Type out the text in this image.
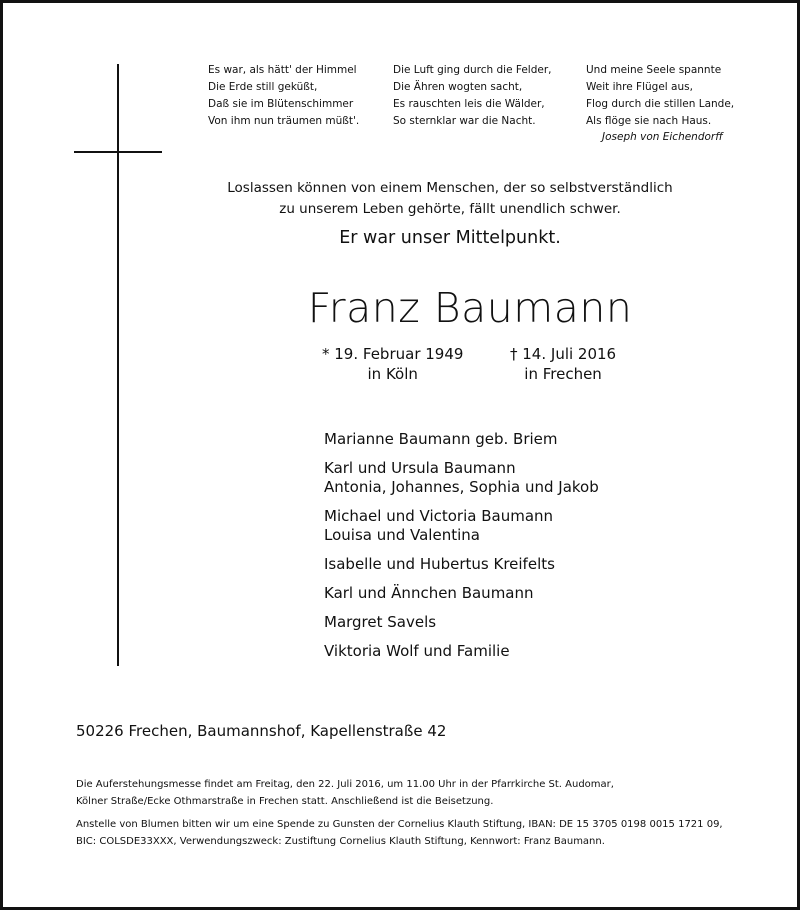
Es war, als hätt' der Himmel
Die Erde still geküßt,
Daß sie im Blütenschimmer
Von ihm nun träumen müßt'.
Die Luft ging durch die Felder,
Die Ähren wogten sacht,
Es rauschten leis die Wälder,
So sternklar war die Nacht.
Und meine Seele spannte
Weit ihre Flügel aus,
Flog durch die stillen Lande,
Als flöge sie nach Haus.
Joseph von Eichendorff
Loslassen können von einem Menschen, der so selbstverständlich
zu unserem Leben gehörte, fällt unendlich schwer.
Er war unser Mittelpunkt.
Franz Baumann
* 19. Februar 1949
in Köln
† 14. Juli 2016
in Frechen
Marianne Baumann geb. Briem
Karl und Ursula Baumann
Antonia, Johannes, Sophia und Jakob
Michael und Victoria Baumann
Louisa und Valentina
Isabelle und Hubertus Kreifelts
Karl und Ännchen Baumann
Margret Savels
Viktoria Wolf und Familie
50226 Frechen, Baumannshof, Kapellenstraße 42

Die Auferstehungsmesse findet am Freitag, den 22. Juli 2016, um 11.00 Uhr in der Pfarrkirche St. Audomar,
Kölner Straße/Ecke Othmarstraße in Frechen statt. Anschließend ist die Beisetzung.

Anstelle von Blumen bitten wir um eine Spende zu Gunsten der Cornelius Klauth Stiftung, IBAN: DE 15 3705 0198 0015 1721 09,
BIC: COLSDE33XXX, Verwendungszweck: Zustiftung Cornelius Klauth Stiftung, Kennwort: Franz Baumann.
